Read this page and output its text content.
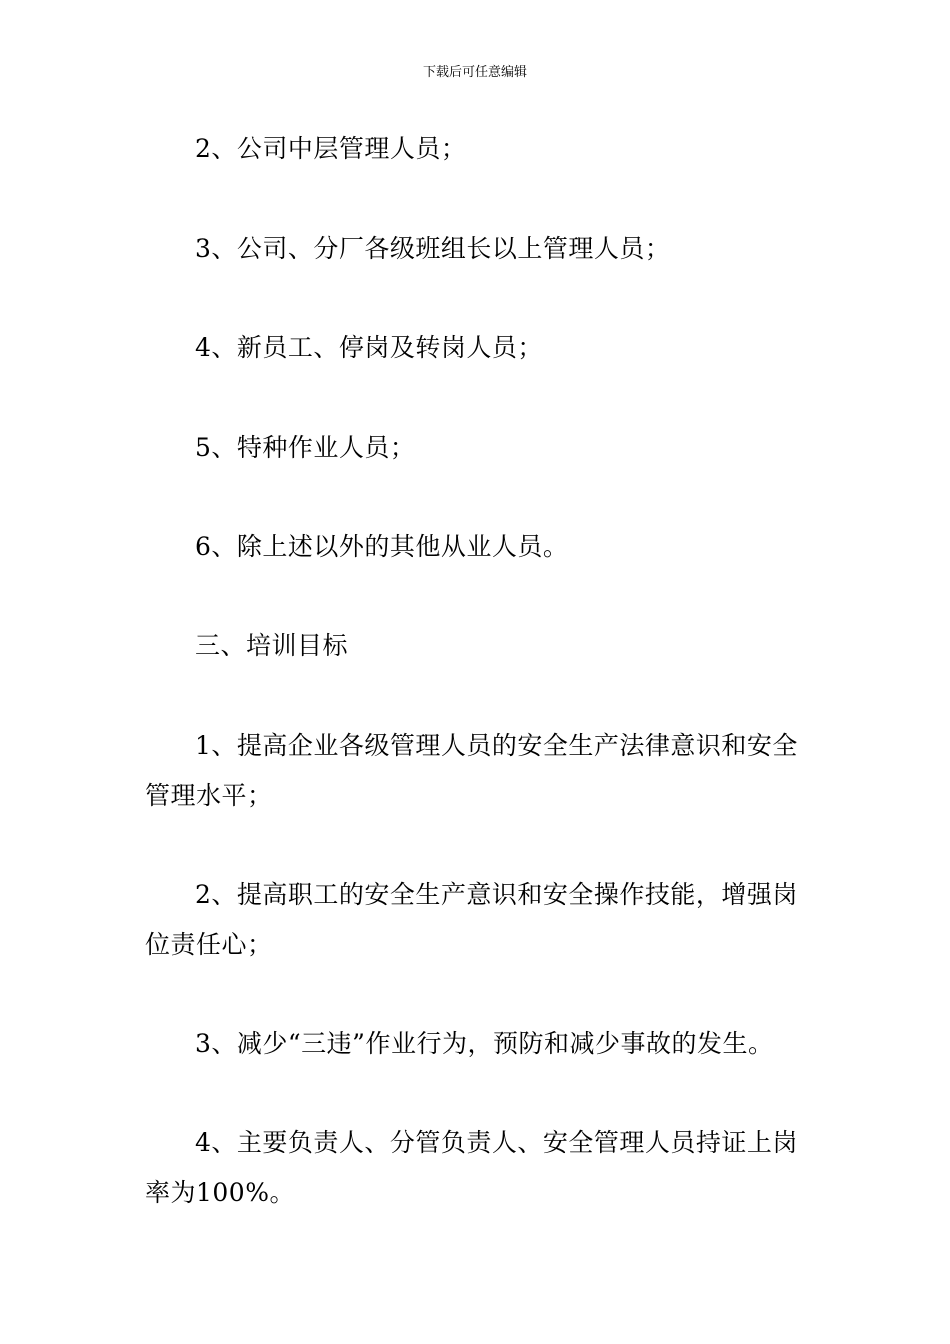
下载后可任意编辑

2、公司中层管理人员；

3、公司、分厂各级班组长以上管理人员；

4、新员工、停岗及转岗人员；

5、特种作业人员；

6、除上述以外的其他从业人员。

三、培训目标

1、提高企业各级管理人员的安全生产法律意识和安全管理水平；

2、提高职工的安全生产意识和安全操作技能，增强岗位责任心；

3、减少“三违”作业行为，预防和减少事故的发生。

4、主要负责人、分管负责人、安全管理人员持证上岗率为100%。
